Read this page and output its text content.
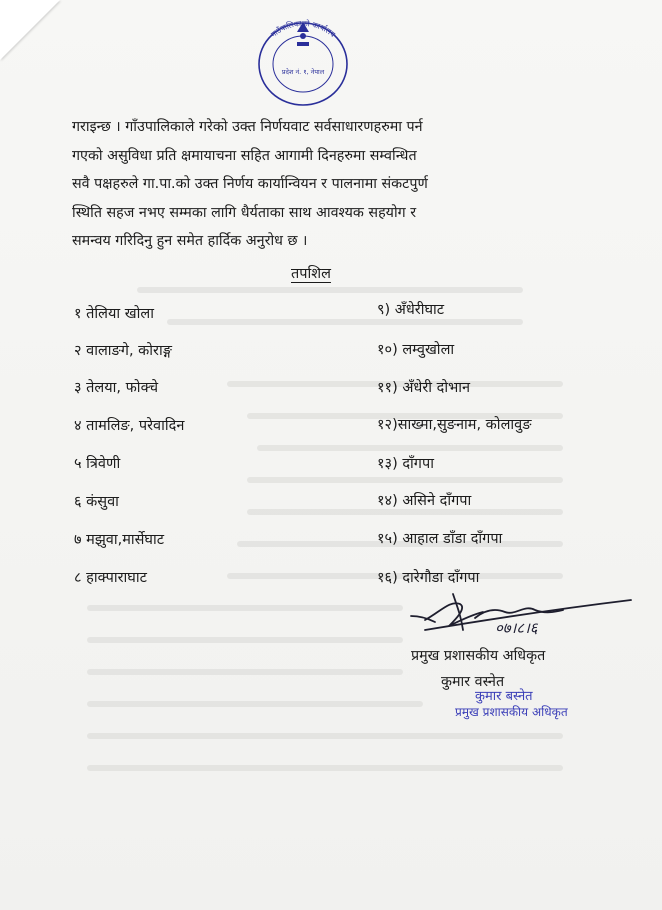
गाउँपालिकाको कार्यालय
प्रदेश नं. १, नेपाल
गराइन्छ । गाँउपालिकाले गरेको उक्त निर्णयवाट सर्वसाधारणहरुमा पर्न
गएको असुविधा प्रति क्षमायाचना सहित आगामी दिनहरुमा सम्वन्धित
सवै पक्षहरुले गा.पा.को उक्त निर्णय कार्यान्वियन र पालनामा संकटपुर्ण
स्थिति सहज नभए सम्मका लागि धैर्यताका साथ आवश्यक सहयोग र
समन्वय गरिदिनु हुन समेत हार्दिक अनुरोध छ ।
तपशिल
१ तेलिया खोला
२ वालाङगे, कोराङ्ग
३ तेलया, फोक्चे
४ तामलिङ, परेवादिन
५ त्रिवेणी
६ कंसुवा
७ मझुवा,मार्सेघाट
८ हाक्पाराघाट
९) अँधेरीघाट
१०) लम्वुखोला
११) अँधेरी दोभान
१२)साख्मा,सुङनाम, कोलावुङ
१३) दाँगपा
१४) असिने दाँगपा
१५) आहाल डाँडा दाँगपा
१६) दारेगौडा दाँगपा
०७।८।६
प्रमुख प्रशासकीय अधिकृत
कुमार वस्नेत
कुमार बस्नेत
प्रमुख प्रशासकीय अधिकृत
